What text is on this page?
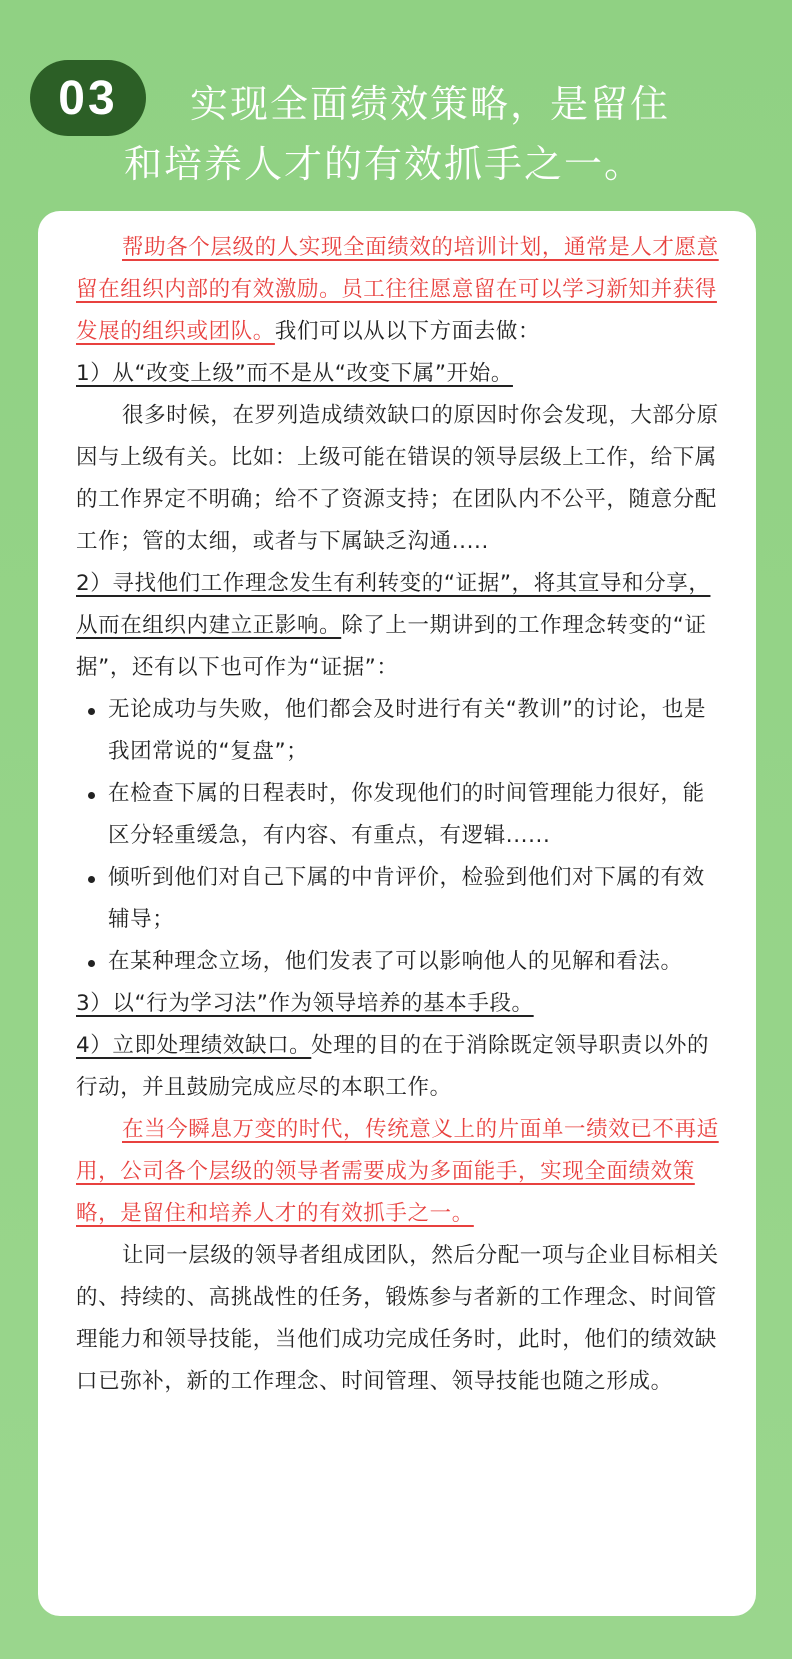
03	实现全面绩效策略，是留住
和培养人才的有效抓手之一。

帮助各个层级的人实现全面绩效的培训计划，通常是人才愿意留在组织内部的有效激励。员工往往愿意留在可以学习新知并获得发展的组织或团队。我们可以从以下方面去做：

1）从“改变上级”而不是从“改变下属”开始。

很多时候，在罗列造成绩效缺口的原因时你会发现，大部分原因与上级有关。比如：上级可能在错误的领导层级上工作，给下属的工作界定不明确；给不了资源支持；在团队内不公平，随意分配工作；管的太细，或者与下属缺乏沟通.....

2）寻找他们工作理念发生有利转变的“证据”，将其宣导和分享，从而在组织内建立正影响。除了上一期讲到的工作理念转变的“证据”，还有以下也可作为“证据”：

无论成功与失败，他们都会及时进行有关“教训”的讨论，也是我团常说的“复盘”；
在检查下属的日程表时，你发现他们的时间管理能力很好，能区分轻重缓急，有内容、有重点，有逻辑......
倾听到他们对自己下属的中肯评价，检验到他们对下属的有效辅导；
在某种理念立场，他们发表了可以影响他人的见解和看法。

3）以“行为学习法”作为领导培养的基本手段。

4）立即处理绩效缺口。处理的目的在于消除既定领导职责以外的行动，并且鼓励完成应尽的本职工作。

在当今瞬息万变的时代，传统意义上的片面单一绩效已不再适用，公司各个层级的领导者需要成为多面能手，实现全面绩效策略，是留住和培养人才的有效抓手之一。

让同一层级的领导者组成团队，然后分配一项与企业目标相关的、持续的、高挑战性的任务，锻炼参与者新的工作理念、时间管理能力和领导技能，当他们成功完成任务时，此时，他们的绩效缺口已弥补，新的工作理念、时间管理、领导技能也随之形成。
